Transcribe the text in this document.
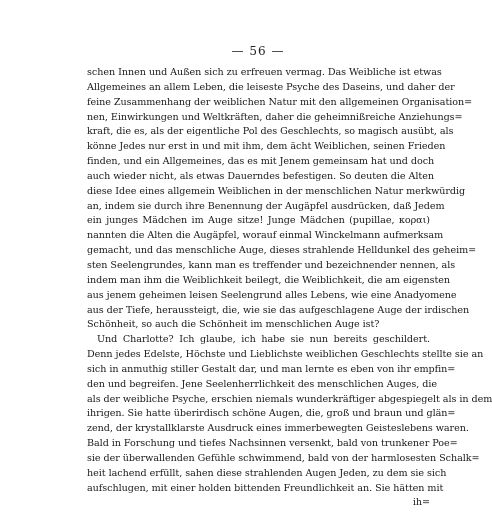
— 56 —
schen Innen und Außen sich zu erfreuen vermag. Das Weibliche ist etwas
Allgemeines an allem Leben, die leiseste Psyche des Daseins, und daher der
feine Zusammenhang der weiblichen Natur mit den allgemeinen Organisation=
nen, Einwirkungen und Weltkräften, daher die geheimnißreiche Anziehungs=
kraft, die es, als der eigentliche Pol des Geschlechts, so magisch ausübt, als
könne Jedes nur erst in und mit ihm, dem ächt Weiblichen, seinen Frieden
finden, und ein Allgemeines, das es mit Jenem gemeinsam hat und doch
auch wieder nicht, als etwas Dauerndes befestigen. So deuten die Alten
diese Idee eines allgemein Weiblichen in der menschlichen Natur merkwürdig
an, indem sie durch ihre Benennung der Augäpfel ausdrücken, daß Jedem
ein junges Mädchen im Auge sitze! Junge Mädchen (pupillae, κοραι)
nannten die Alten die Augäpfel, worauf einmal Winckelmann aufmerksam
gemacht, und das menschliche Auge, dieses strahlende Helldunkel des geheim=
sten Seelengrundes, kann man es treffender und bezeichnender nennen, als
indem man ihm die Weiblichkeit beilegt, die Weiblichkeit, die am eigensten
aus jenem geheimen leisen Seelengrund alles Lebens, wie eine Anadyomene
aus der Tiefe, heraussteigt, die, wie sie das aufgeschlagene Auge der irdischen
Schönheit, so auch die Schönheit im menschlichen Auge ist?
Und Charlotte? Ich glaube, ich habe sie nun bereits geschildert.
Denn jedes Edelste, Höchste und Lieblichste weiblichen Geschlechts stellte sie an
sich in anmuthig stiller Gestalt dar, und man lernte es eben von ihr empfin=
den und begreifen. Jene Seelenherrlichkeit des menschlichen Auges, die
als der weibliche Psyche, erschien niemals wunderkräftiger abgespiegelt als in dem
ihrigen. Sie hatte überirdisch schöne Augen, die, groß und braun und glän=
zend, der krystallklarste Ausdruck eines immerbewegten Geisteslebens waren.
Bald in Forschung und tiefes Nachsinnen versenkt, bald von trunkener Poe=
sie der überwallenden Gefühle schwimmend, bald von der harmlosesten Schalk=
heit lachend erfüllt, sahen diese strahlenden Augen Jeden, zu dem sie sich
aufschlugen, mit einer holden bittenden Freundlichkeit an. Sie hätten mit
ih=
